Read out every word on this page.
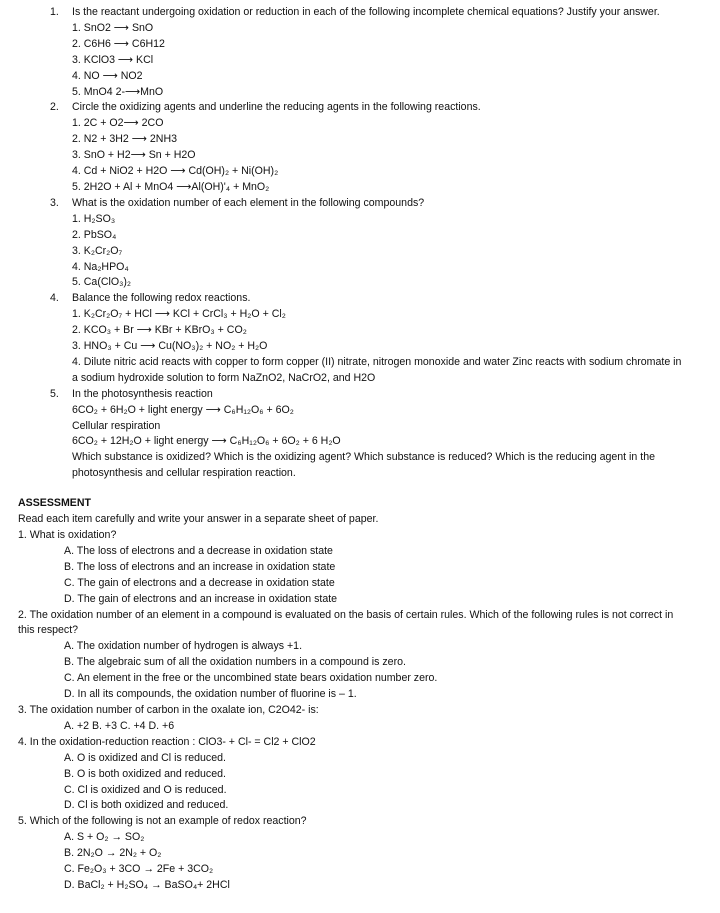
1. Is the reactant undergoing oxidation or reduction in each of the following incomplete chemical equations? Justify your answer.
1. SnO2 ⟶ SnO
2. C6H6 ⟶ C6H12
3. KClO3 ⟶ KCl
4. NO ⟶ NO2
5. MnO4 2-⟶MnO
2. Circle the oxidizing agents and underline the reducing agents in the following reactions.
1. 2C + O2⟶ 2CO
2. N2 + 3H2 ⟶ 2NH3
3. SnO + H2⟶ Sn + H2O
4. Cd + NiO2 + H2O ⟶ Cd(OH)₂ + Ni(OH)₂
5. 2H2O + Al + MnO4 ⟶Al(OH)'₄ + MnO₂
3. What is the oxidation number of each element in the following compounds?
1. H₂SO₃
2. PbSO₄
3. K₂Cr₂O₇
4. Na₂HPO₄
5. Ca(ClO₃)₂
4. Balance the following redox reactions.
1. K₂Cr₂O₇ + HCl ⟶ KCl + CrCl₃ + H₂O + Cl₂
2. KCO₃ + Br ⟶ KBr + KBrO₃ + CO₂
3. HNO₃ + Cu ⟶ Cu(NO₃)₂ + NO₂ + H₂O
4. Dilute nitric acid reacts with copper to form copper (II) nitrate, nitrogen monoxide and water Zinc reacts with sodium chromate in a sodium hydroxide solution to form NaZnO2, NaCrO2, and H2O
5. In the photosynthesis reaction
6CO₂ + 6H₂O + light energy ⟶ C₆H₁₂O₆ + 6O₂
Cellular respiration
6CO₂ + 12H₂O + light energy ⟶ C₆H₁₂O₆ + 6O₂ + 6 H₂O
Which substance is oxidized? Which is the oxidizing agent? Which substance is reduced? Which is the reducing agent in the photosynthesis and cellular respiration reaction.
ASSESSMENT
Read each item carefully and write your answer in a separate sheet of paper.
1. What is oxidation?
A. The loss of electrons and a decrease in oxidation state
B. The loss of electrons and an increase in oxidation state
C. The gain of electrons and a decrease in oxidation state
D. The gain of electrons and an increase in oxidation state
2. The oxidation number of an element in a compound is evaluated on the basis of certain rules. Which of the following rules is not correct in this respect?
A. The oxidation number of hydrogen is always +1.
B. The algebraic sum of all the oxidation numbers in a compound is zero.
C. An element in the free or the uncombined state bears oxidation number zero.
D. In all its compounds, the oxidation number of fluorine is – 1.
3. The oxidation number of carbon in the oxalate ion, C2O42- is:
A. +2 B. +3 C. +4 D. +6
4. In the oxidation-reduction reaction : ClO3- + Cl- = Cl2 + ClO2
A. O is oxidized and Cl is reduced.
B. O is both oxidized and reduced.
C. Cl is oxidized and O is reduced.
D. Cl is both oxidized and reduced.
5. Which of the following is not an example of redox reaction?
A. S + O₂ → SO₂
B. 2N₂O → 2N₂ + O₂
C. Fe₂O₃ + 3CO → 2Fe + 3CO₂
D. BaCl₂ + H₂SO₄ → BaSO₄+ 2HCl
